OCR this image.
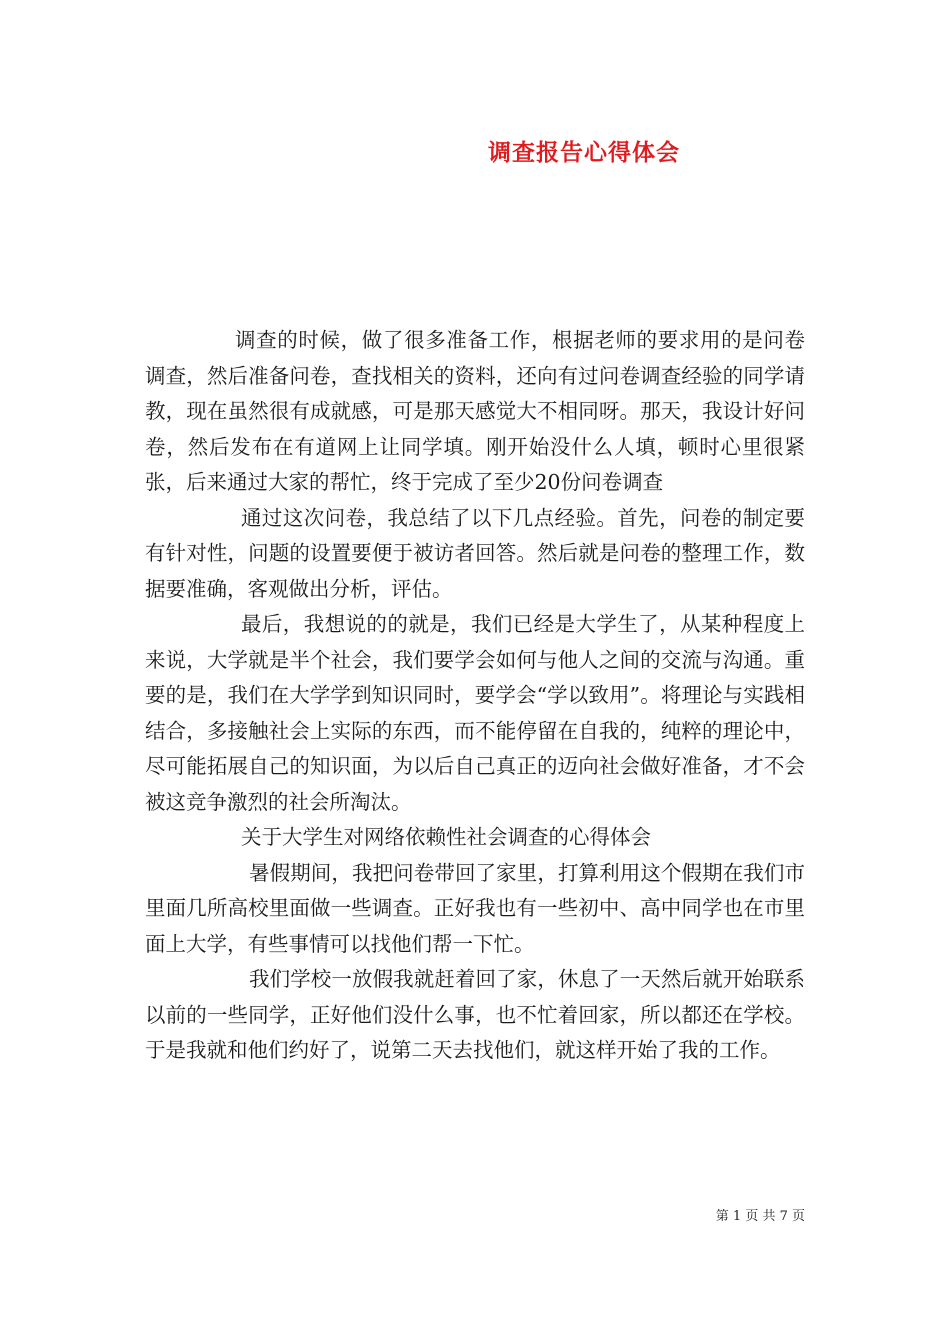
调查报告心得体会

调查的时候，做了很多准备工作，根据老师的要求用的是问卷调查，然后准备问卷，查找相关的资料，还向有过问卷调查经验的同学请教，现在虽然很有成就感，可是那天感觉大不相同呀。那天，我设计好问卷，然后发布在有道网上让同学填。刚开始没什么人填，顿时心里很紧张，后来通过大家的帮忙，终于完成了至少20份问卷调查

通过这次问卷，我总结了以下几点经验。首先，问卷的制定要有针对性，问题的设置要便于被访者回答。然后就是问卷的整理工作，数据要准确，客观做出分析，评估。

最后，我想说的的就是，我们已经是大学生了，从某种程度上来说，大学就是半个社会，我们要学会如何与他人之间的交流与沟通。重要的是，我们在大学学到知识同时，要学会“学以致用”。将理论与实践相结合，多接触社会上实际的东西，而不能停留在自我的，纯粹的理论中，尽可能拓展自己的知识面，为以后自己真正的迈向社会做好准备，才不会被这竞争激烈的社会所淘汰。

关于大学生对网络依赖性社会调查的心得体会

暑假期间，我把问卷带回了家里，打算利用这个假期在我们市里面几所高校里面做一些调查。正好我也有一些初中、高中同学也在市里面上大学，有些事情可以找他们帮一下忙。

我们学校一放假我就赶着回了家，休息了一天然后就开始联系以前的一些同学，正好他们没什么事，也不忙着回家，所以都还在学校。于是我就和他们约好了，说第二天去找他们，就这样开始了我的工作。

第 1 页 共 7 页
